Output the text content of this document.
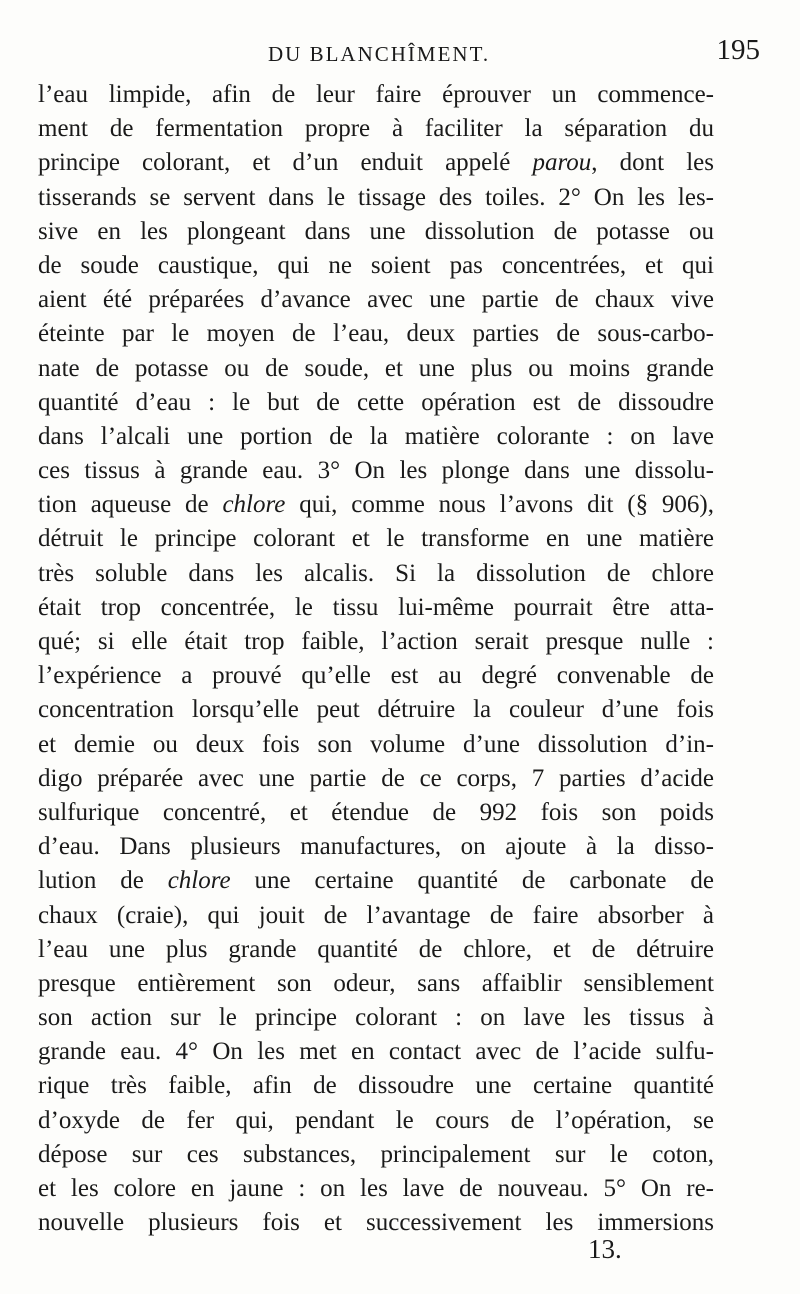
DU BLANCHÎMENT.	195
l’eau limpide, afin de leur faire éprouver un commence-
ment de fermentation propre à faciliter la séparation du
principe colorant, et d’un enduit appelé parou, dont les
tisserands se servent dans le tissage des toiles. 2° On les les-
sive en les plongeant dans une dissolution de potasse ou
de soude caustique, qui ne soient pas concentrées, et qui
aient été préparées d’avance avec une partie de chaux vive
éteinte par le moyen de l’eau, deux parties de sous-carbo-
nate de potasse ou de soude, et une plus ou moins grande
quantité d’eau : le but de cette opération est de dissoudre
dans l’alcali une portion de la matière colorante : on lave
ces tissus à grande eau. 3° On les plonge dans une dissolu-
tion aqueuse de chlore qui, comme nous l’avons dit (§ 906),
détruit le principe colorant et le transforme en une matière
très soluble dans les alcalis. Si la dissolution de chlore
était trop concentrée, le tissu lui-même pourrait être atta-
qué; si elle était trop faible, l’action serait presque nulle :
l’expérience a prouvé qu’elle est au degré convenable de
concentration lorsqu’elle peut détruire la couleur d’une fois
et demie ou deux fois son volume d’une dissolution d’in-
digo préparée avec une partie de ce corps, 7 parties d’acide
sulfurique concentré, et étendue de 992 fois son poids
d’eau. Dans plusieurs manufactures, on ajoute à la disso-
lution de chlore une certaine quantité de carbonate de
chaux (craie), qui jouit de l’avantage de faire absorber à
l’eau une plus grande quantité de chlore, et de détruire
presque entièrement son odeur, sans affaiblir sensiblement
son action sur le principe colorant : on lave les tissus à
grande eau. 4° On les met en contact avec de l’acide sulfu-
rique très faible, afin de dissoudre une certaine quantité
d’oxyde de fer qui, pendant le cours de l’opération, se
dépose sur ces substances, principalement sur le coton,
et les colore en jaune : on les lave de nouveau. 5° On re-
nouvelle plusieurs fois et successivement les immersions
13.
